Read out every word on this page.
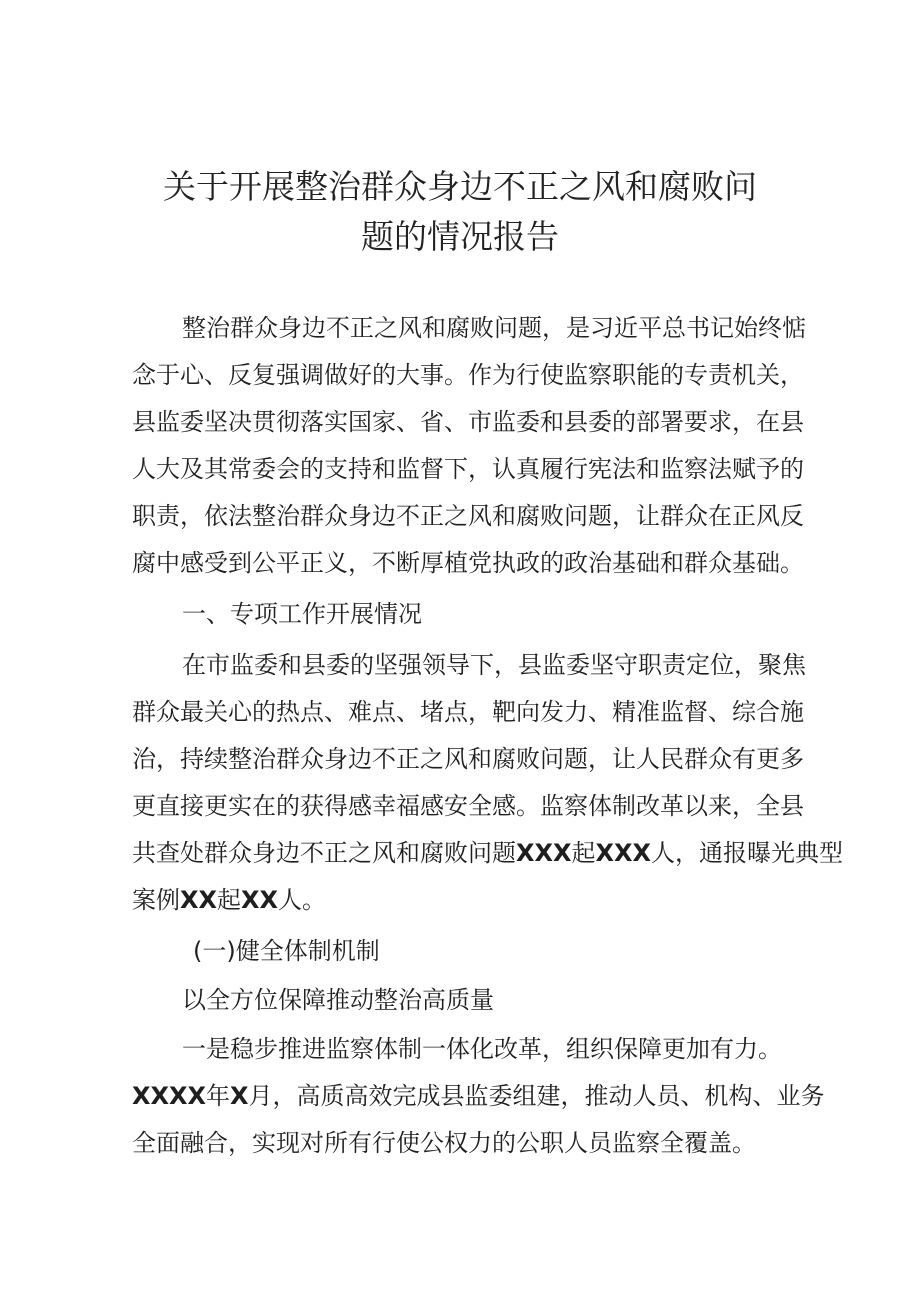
关于开展整治群众身边不正之风和腐败问
题的情况报告
整治群众身边不正之风和腐败问题，是习近平总书记始终惦
念于心、反复强调做好的大事。作为行使监察职能的专责机关，
县监委坚决贯彻落实国家、省、市监委和县委的部署要求，在县
人大及其常委会的支持和监督下，认真履行宪法和监察法赋予的
职责，依法整治群众身边不正之风和腐败问题，让群众在正风反
腐中感受到公平正义，不断厚植党执政的政治基础和群众基础。
一、专项工作开展情况
在市监委和县委的坚强领导下，县监委坚守职责定位，聚焦
群众最关心的热点、难点、堵点，靶向发力、精准监督、综合施
治，持续整治群众身边不正之风和腐败问题，让人民群众有更多
更直接更实在的获得感幸福感安全感。监察体制改革以来，全县
共查处群众身边不正之风和腐败问题XXX起XXX人，通报曝光典型
案例XX起XX人。
(一)健全体制机制
以全方位保障推动整治高质量
一是稳步推进监察体制一体化改革，组织保障更加有力。
XXXX年X月，高质高效完成县监委组建，推动人员、机构、业务
全面融合，实现对所有行使公权力的公职人员监察全覆盖。
